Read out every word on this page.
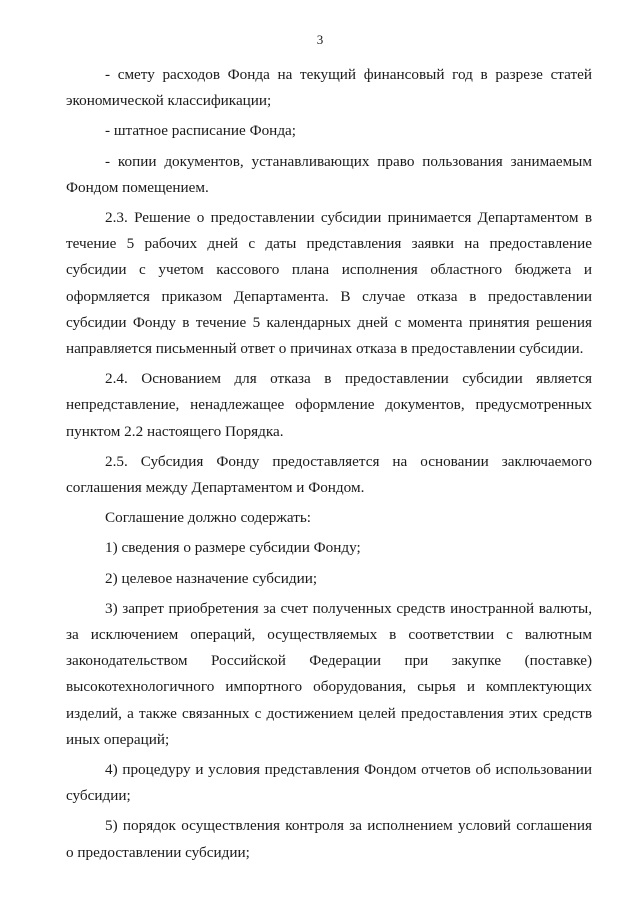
3

- смету расходов Фонда на текущий финансовый год в разрезе статей экономической классификации;

- штатное расписание Фонда;

- копии документов, устанавливающих право пользования занимаемым Фондом помещением.

2.3. Решение о предоставлении субсидии принимается Департаментом в течение 5 рабочих дней с даты представления заявки на предоставление субсидии с учетом кассового плана исполнения областного бюджета и оформляется приказом Департамента. В случае отказа в предоставлении субсидии Фонду в течение 5 календарных дней с момента принятия решения направляется письменный ответ о причинах отказа в предоставлении субсидии.

2.4. Основанием для отказа в предоставлении субсидии является непредставление, ненадлежащее оформление документов, предусмотренных пунктом 2.2 настоящего Порядка.

2.5. Субсидия Фонду предоставляется на основании заключаемого соглашения между Департаментом и Фондом.

Соглашение должно содержать:

1) сведения о размере субсидии Фонду;

2) целевое назначение субсидии;

3) запрет приобретения за счет полученных средств иностранной валюты, за исключением операций, осуществляемых в соответствии с валютным законодательством Российской Федерации при закупке (поставке) высокотехнологичного импортного оборудования, сырья и комплектующих изделий, а также связанных с достижением целей предоставления этих средств иных операций;

4) процедуру и условия представления Фондом отчетов об использовании субсидии;

5) порядок осуществления контроля за исполнением условий соглашения о предоставлении субсидии;
